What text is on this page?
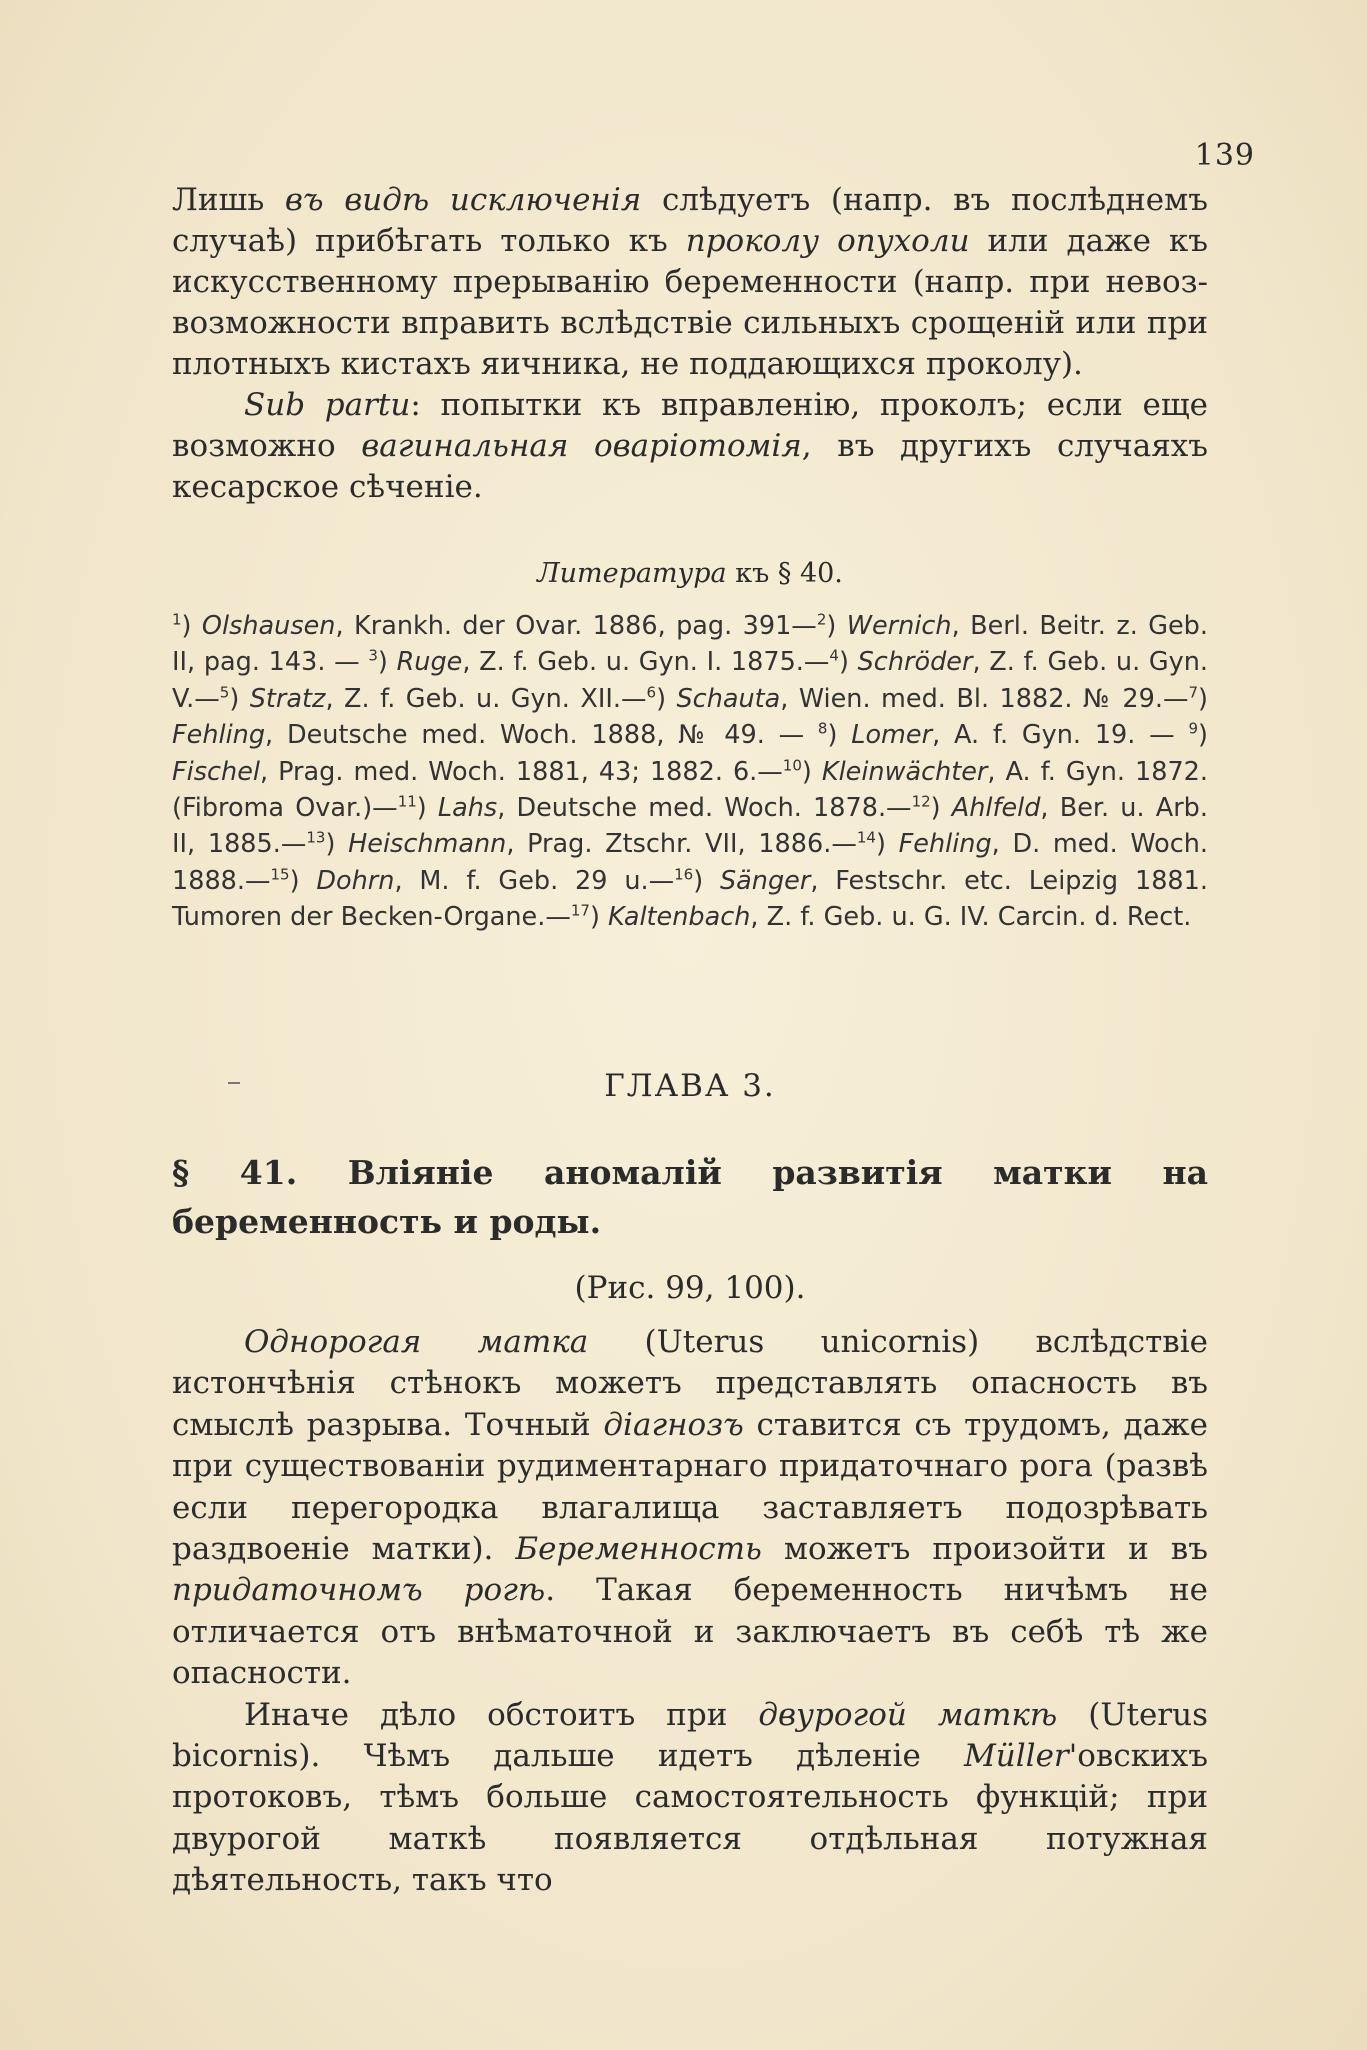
139

Лишь въ видѣ исключенія слѣдуетъ (напр. въ послѣднемъ случаѣ) прибѣгать только къ проколу опухоли или даже къ искусственному прерыванію беременности (напр. при невоз-возможности вправить вслѣдствіе сильныхъ срощеній или при плотныхъ кистахъ яичника, не поддающихся проколу).

Sub partu: попытки къ вправленію, проколъ; если еще возможно вагинальная оваріотомія, въ другихъ случаяхъ кесарское сѣченіе.

Литература къ § 40.
$^1$) Olshausen, Krankh. der Ovar. 1886, pag. 391—$^2$) Wernich, Berl. Beitr. z. Geb. II, pag. 143. — $^3$) Ruge, Z. f. Geb. u. Gyn. I. 1875.—$^4$) Schröder, Z. f. Geb. u. Gyn. V.—$^5$) Stratz, Z. f. Geb. u. Gyn. XII.—$^6$) Schauta, Wien. med. Bl. 1882. № 29.—$^7$) Fehling, Deutsche med. Woch. 1888, № 49. — $^8$) Lomer, A. f. Gyn. 19. — $^9$) Fischel, Prag. med. Woch. 1881, 43; 1882. 6.—$^{10}$) Kleinwächter, A. f. Gyn. 1872. (Fibroma Ovar.)—$^{11}$) Lahs, Deutsche med. Woch. 1878.—$^{12}$) Ahlfeld, Ber. u. Arb. II, 1885.—$^{13}$) Heischmann, Prag. Ztschr. VII, 1886.—$^{14}$) Fehling, D. med. Woch. 1888.—$^{15}$) Dohrn, M. f. Geb. 29 u.—$^{16}$) Sänger, Festschr. etc. Leipzig 1881. Tumoren der Becken-Organe.—$^{17}$) Kaltenbach, Z. f. Geb. u. G. IV. Carcin. d. Rect.
ГЛАВА 3.
§ 41. Вліяніе аномалій развитія матки на беременность и роды.
(Рис. 99, 100).

Однорогая матка (Uterus unicornis) вслѣдствіе истончѣнія стѣнокъ можетъ представлять опасность въ смыслѣ разрыва. Точный діагнозъ ставится съ трудомъ, даже при существованіи рудиментарнаго придаточнаго рога (развѣ если перегородка влагалища заставляетъ подозрѣвать раздвоеніе матки). Беременность можетъ произойти и въ придаточномъ рогѣ. Такая беременность ничѣмъ не отличается отъ внѣматочной и заключаетъ въ себѣ тѣ же опасности.

Иначе дѣло обстоитъ при двурогой маткѣ (Uterus bicornis). Чѣмъ дальше идетъ дѣленіе Müller'овскихъ протоковъ, тѣмъ больше самостоятельность функцій; при двурогой маткѣ появляется отдѣльная потужная дѣятельность, такъ что
